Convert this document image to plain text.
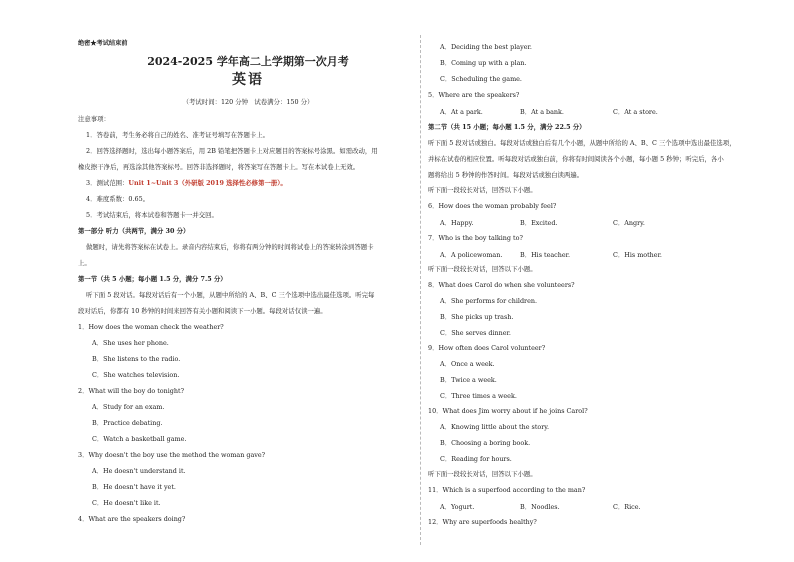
绝密★考试结束前
2024-2025 学年高二上学期第一次月考
英语
（考试时间：120 分钟　试卷满分：150 分）
注意事项：
1．答卷前，考生务必将自己的姓名、准考证号填写在答题卡上。
2．回答选择题时，选出每小题答案后，用 2B 铅笔把答题卡上对应题目的答案标号涂黑。如需改动，用
橡皮擦干净后，再选涂其他答案标号。回答非选择题时，将答案写在答题卡上。写在本试卷上无效。
3．测试范围：Unit 1~Unit 3（外研版 2019 选择性必修第一册）。
4．难度系数：0.65。
5．考试结束后，将本试卷和答题卡一并交回。
第一部分 听力（共两节，满分 30 分）
做题时，请先将答案标在试卷上。录音内容结束后，你将有两分钟的时间将试卷上的答案转涂到答题卡
上。
第一节（共 5 小题；每小题 1.5 分，满分 7.5 分）
听下面 5 段对话。每段对话后有一个小题，从题中所给的 A、B、C 三个选项中选出最佳选项。听完每
段对话后，你都有 10 秒钟的时间来回答有关小题和阅读下一小题。每段对话仅读一遍。
1．How does the woman check the weather?
A．She uses her phone.
B．She listens to the radio.
C．She watches television.
2．What will the boy do tonight?
A．Study for an exam.
B．Practice debating.
C．Watch a basketball game.
3．Why doesn't the boy use the method the woman gave?
A．He doesn't understand it.
B．He doesn't have it yet.
C．He doesn't like it.
4．What are the speakers doing?
A．Deciding the best player.
B．Coming up with a plan.
C．Scheduling the game.
5．Where are the speakers?
A．At a park.	B．At a bank.	C．At a store.
第二节（共 15 小题；每小题 1.5 分，满分 22.5 分）
听下面 5 段对话或独白。每段对话或独白后有几个小题，从题中所给的 A、B、C 三个选项中选出最佳选项，
并标在试卷的相应位置。听每段对话或独白前，你将有时间阅读各个小题，每小题 5 秒钟；听完后，各小
题将给出 5 秒钟的作答时间。每段对话或独白读两遍。
听下面一段较长对话，回答以下小题。
6．How does the woman probably feel?
A．Happy.	B．Excited.	C．Angry.
7．Who is the boy talking to?
A．A policewoman.	B．His teacher.	C．His mother.
听下面一段较长对话，回答以下小题。
8．What does Carol do when she volunteers?
A．She performs for children.
B．She picks up trash.
C．She serves dinner.
9．How often does Carol volunteer?
A．Once a week.
B．Twice a week.
C．Three times a week.
10．What does Jim worry about if he joins Carol?
A．Knowing little about the story.
B．Choosing a boring book.
C．Reading for hours.
听下面一段较长对话，回答以下小题。
11．Which is a superfood according to the man?
A．Yogurt.	B．Noodles.	C．Rice.
12．Why are superfoods healthy?
